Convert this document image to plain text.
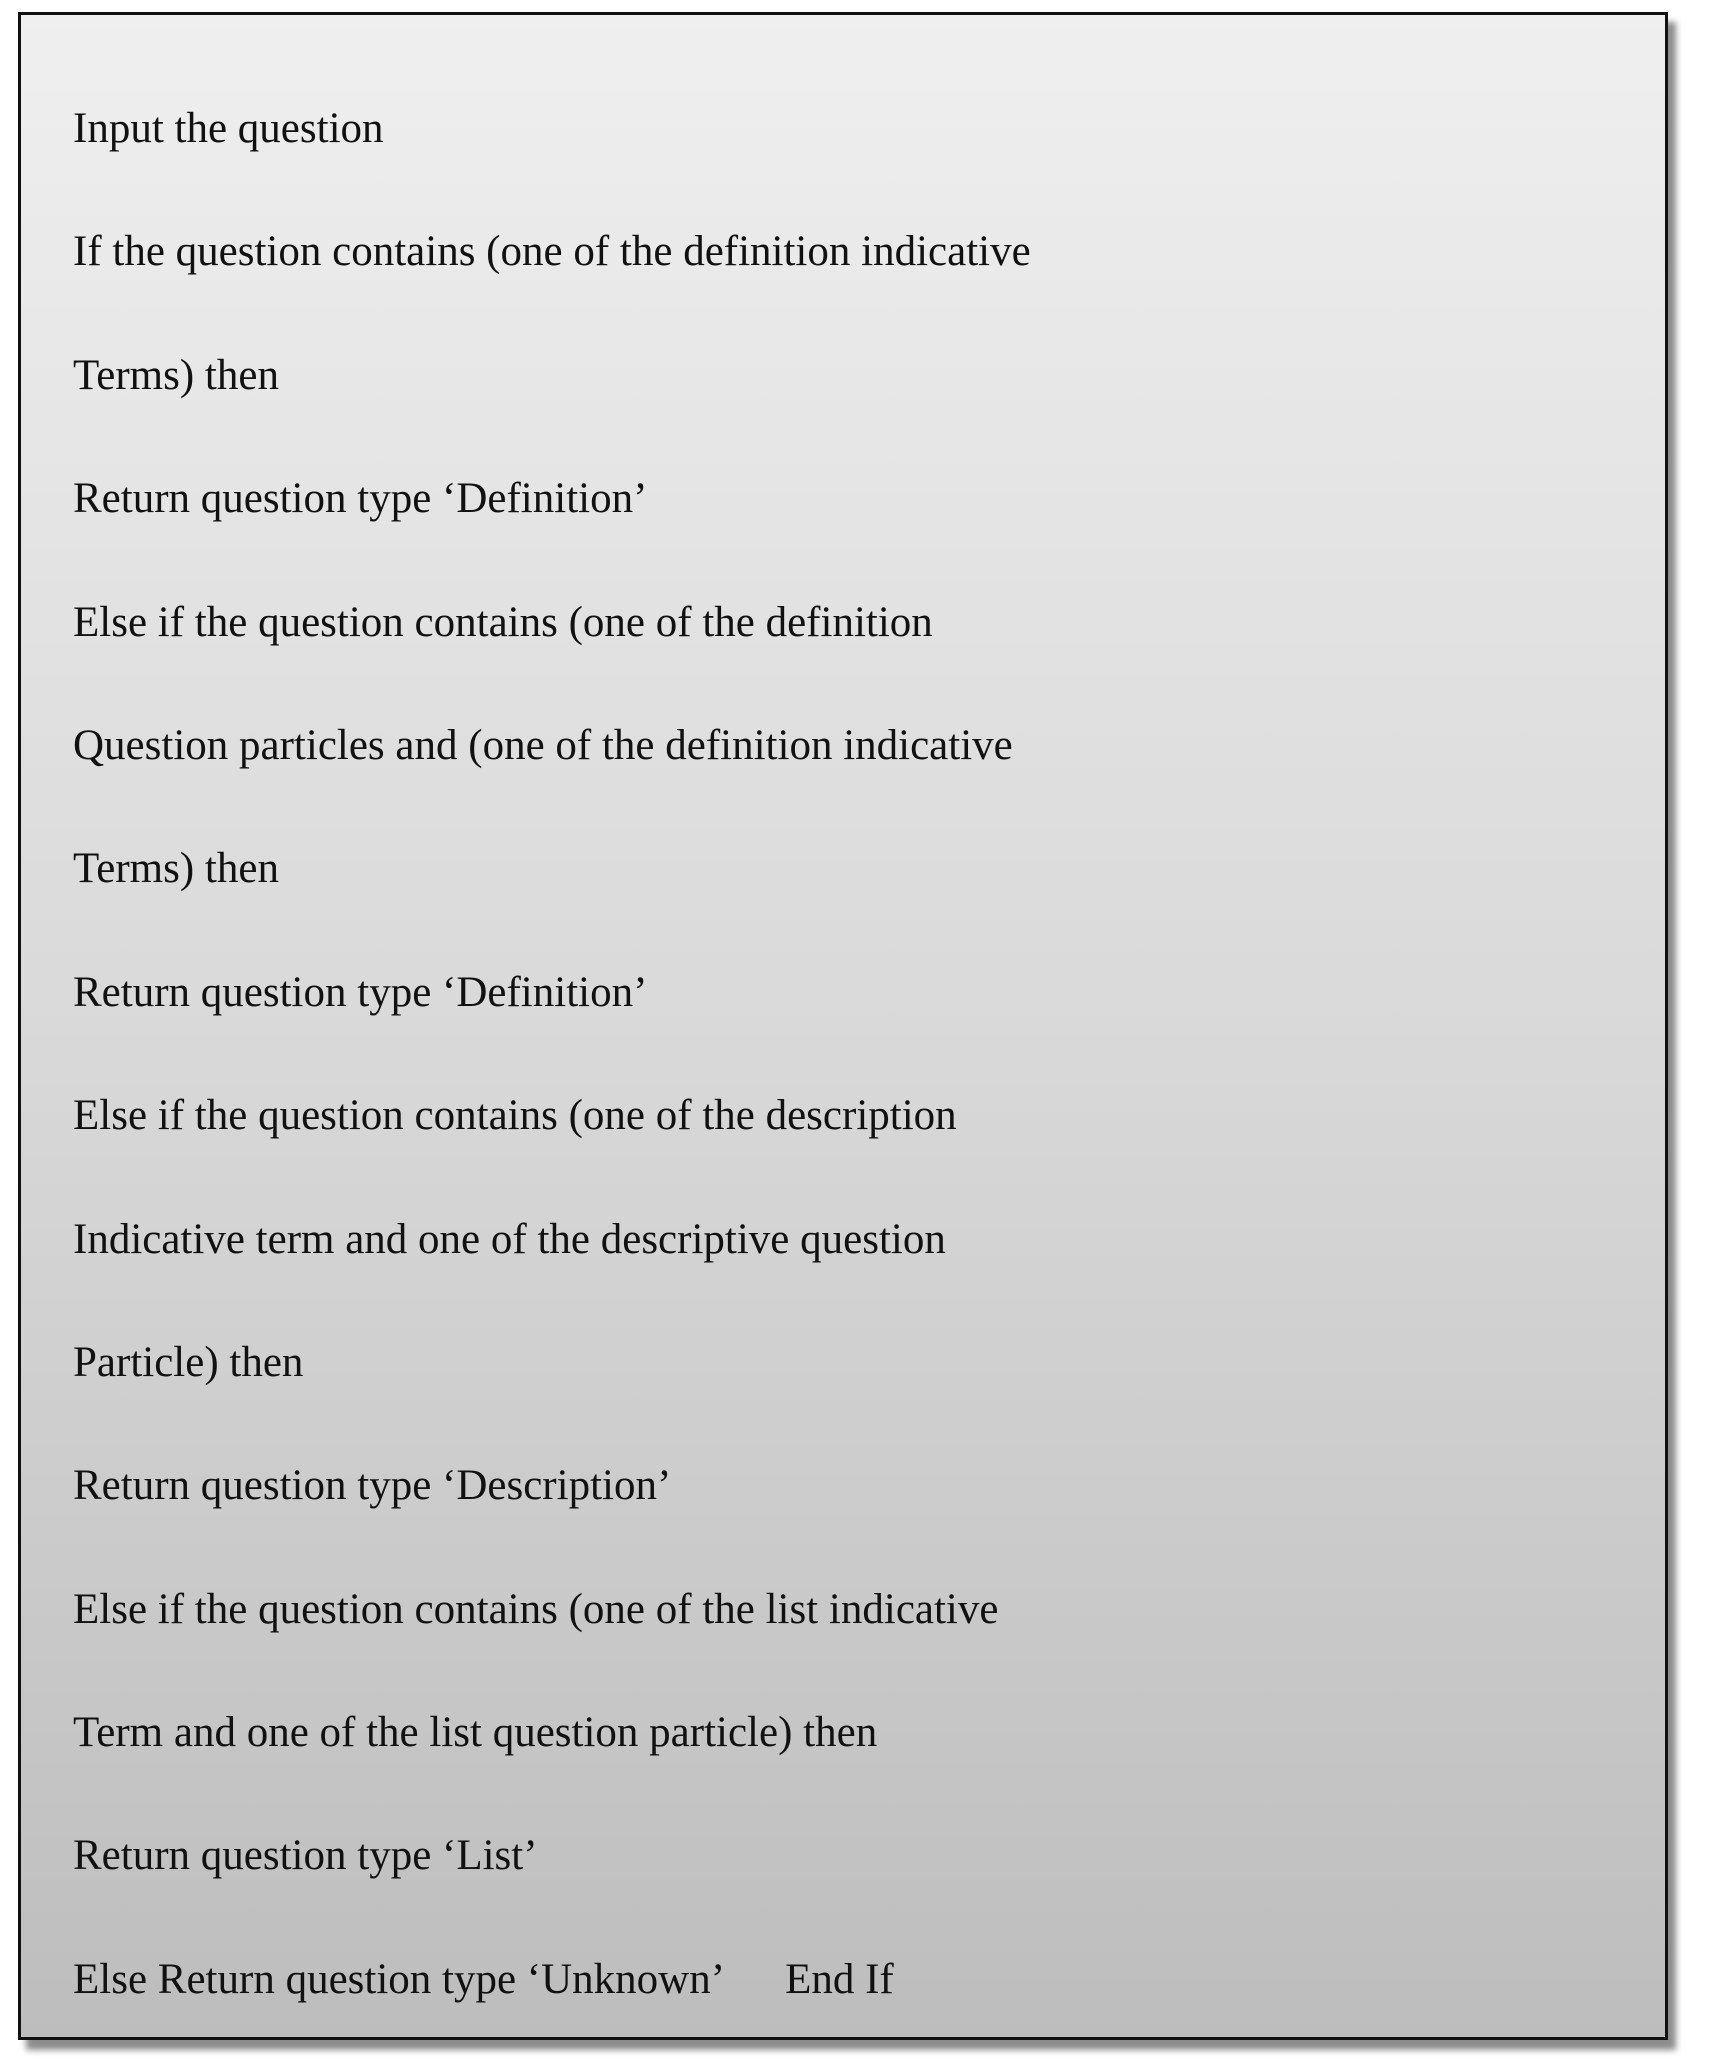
Input the question
If the question contains (one of the definition indicative
Terms) then
Return question type ‘Definition’
Else if the question contains (one of the definition
Question particles and (one of the definition indicative
Terms) then
Return question type ‘Definition’
Else if the question contains (one of the description
Indicative term and one of the descriptive question
Particle) then
Return question type ‘Description’
Else if the question contains (one of the list indicative
Term and one of the list question particle) then
Return question type ‘List’
Else Return question type ‘Unknown’ End If
